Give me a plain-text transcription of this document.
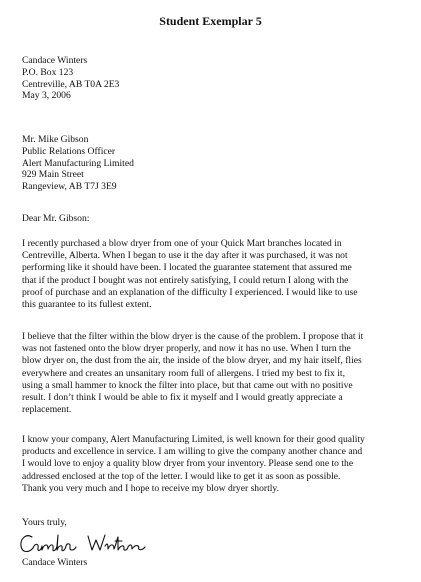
Student Exemplar 5
Candace Winters
P.O. Box 123
Centreville, AB T0A 2E3
May 3, 2006
Mr. Mike Gibson
Public Relations Officer
Alert Manufacturing Limited
929 Main Street
Rangeview, AB T7J 3E9
Dear Mr. Gibson:
I recently purchased a blow dryer from one of your Quick Mart branches located in
Centreville, Alberta. When I began to use it the day after it was purchased, it was not
performing like it should have been. I located the guarantee statement that assured me
that if the product I bought was not entirely satisfying, I could return I along with the
proof of purchase and an explanation of the difficulty I experienced. I would like to use
this guarantee to its fullest extent.
I believe that the filter within the blow dryer is the cause of the problem. I propose that it
was not fastened onto the blow dryer properly, and now it has no use. When I turn the
blow dryer on, the dust from the air, the inside of the blow dryer, and my hair itself, flies
everywhere and creates an unsanitary room full of allergens. I tried my best to fix it,
using a small hammer to knock the filter into place, but that came out with no positive
result. I don’t think I would be able to fix it myself and I would greatly appreciate a
replacement.
I know your company, Alert Manufacturing Limited, is well known for their good quality
products and excellence in service. I am willing to give the company another chance and
I would love to enjoy a quality blow dryer from your inventory. Please send one to the
addressed enclosed at the top of the letter. I would like to get it as soon as possible.
Thank you very much and I hope to receive my blow dryer shortly.
Yours truly,
Candace Winters
